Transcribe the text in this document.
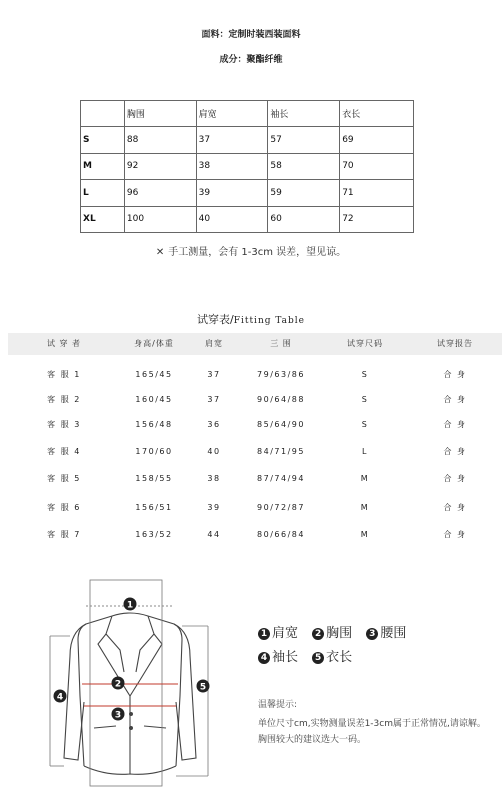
面料：定制时装西装面料
成分：聚酯纤维
	胸围	肩宽	袖长	衣长
S	88	37	57	69
M	92	38	58	70
L	96	39	59	71
XL	100	40	60	72
✕ 手工测量，会有 1-3cm 误差，望见谅。
试穿表/Fitting Table
试 穿 者	身高/体重	肩宽	三 围	试穿尺码	试穿报告
客 服 1	165/45	37	79/63/86	S	合 身
客 服 2	160/45	37	90/64/88	S	合 身
客 服 3	156/48	36	85/64/90	S	合 身
客 服 4	170/60	40	84/71/95	L	合 身
客 服 5	158/55	38	87/74/94	M	合 身
客 服 6	156/51	39	90/72/87	M	合 身
客 服 7	163/52	44	80/66/84	M	合 身
1
2
3
4
5
1 肩宽 2 胸围 3 腰围
4 袖长 5 衣长
温馨提示:
单位尺寸cm,实物测量误差1-3cm属于正常情况,请谅解。胸围较大的建议选大一码。
